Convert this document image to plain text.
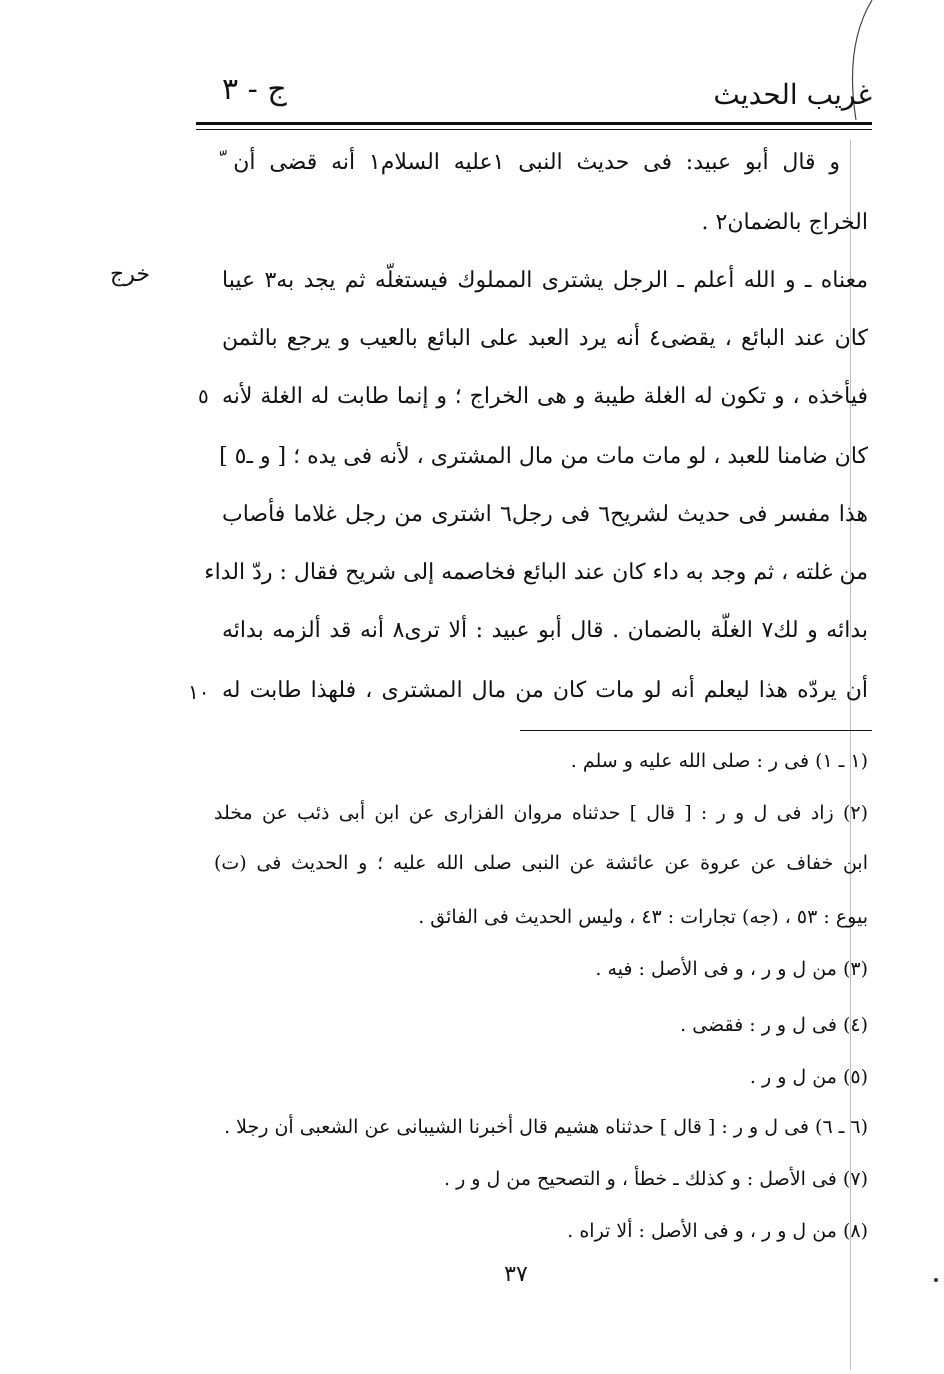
ج - ٣	غريب الحديث
خرج
و قال أبو عبيد: فى حديث النبى ١عليه السلام١ أنه قضى أن ّ
الخراج بالضمان٢ .
معناه ـ و الله أعلم ـ الرجل يشترى المملوك فيستغلّه ثم يجد به٣ عيبا
كان عند البائع ، يقضى٤ أنه يرد العبد على البائع بالعيب و يرجع بالثمن
فيأخذه ، و تكون له الغلة طيبة و هى الخراج ؛ و إنما طابت له الغلة لأنه
كان ضامنا للعبد ، لو مات مات من مال المشترى ، لأنه فى يده ؛ [ و ـ٥ ]
هذا مفسر فى حديث لشريح٦ فى رجل٦ اشترى من رجل غلاما فأصاب
من غلته ، ثم وجد به داء كان عند البائع فخاصمه إلى شريح فقال : ردّ الداء
بدائه و لك٧ الغلّة بالضمان . قال أبو عبيد : ألا ترى٨ أنه قد ألزمه بدائه
أن يردّه هذا ليعلم أنه لو مات كان من مال المشترى ، فلهذا طابت له
٥
١٠
(١ ـ ١) فى ر : صلى الله عليه و سلم .
(٢) زاد فى ل و ر : [ قال ] حدثناه مروان الفزارى عن ابن أبى ذئب عن مخلد
ابن خفاف عن عروة عن عائشة عن النبى صلى الله عليه ؛ و الحديث فى (ت)
بيوع : ٥٣ ، (جه) تجارات : ٤٣ ، وليس الحديث فى الفائق .
(٣) من ل و ر ، و فى الأصل : فيه .
(٤) فى ل و ر : فقضى .
(٥) من ل و ر .
(٦ ـ ٦) فى ل و ر : [ قال ] حدثناه هشيم قال أخبرنا الشيبانى عن الشعبى أن رجلا .
(٧) فى الأصل : و كذلك ـ خطأ ، و التصحيح من ل و ر .
(٨) من ل و ر ، و فى الأصل : ألا تراه .
٣٧
